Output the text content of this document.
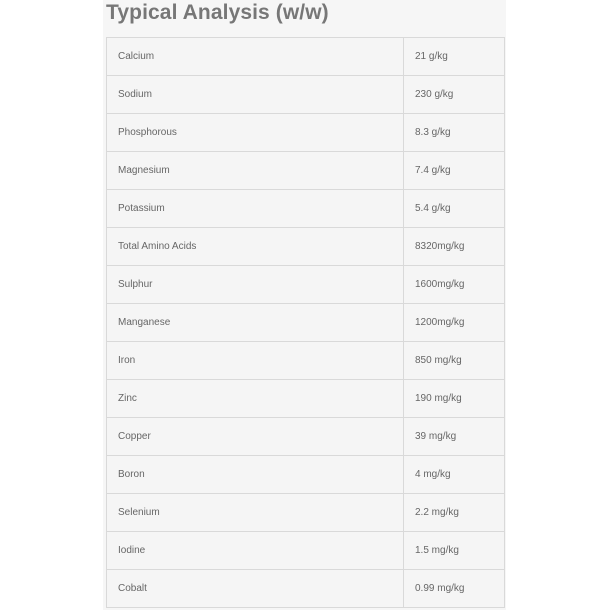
Typical Analysis (w/w)
Calcium	21 g/kg
Sodium	230 g/kg
Phosphorous	8.3 g/kg
Magnesium	7.4 g/kg
Potassium	5.4 g/kg
Total Amino Acids	8320mg/kg
Sulphur	1600mg/kg
Manganese	1200mg/kg
Iron	850 mg/kg
Zinc	190 mg/kg
Copper	39 mg/kg
Boron	4 mg/kg
Selenium	2.2 mg/kg
Iodine	1.5 mg/kg
Cobalt	0.99 mg/kg
